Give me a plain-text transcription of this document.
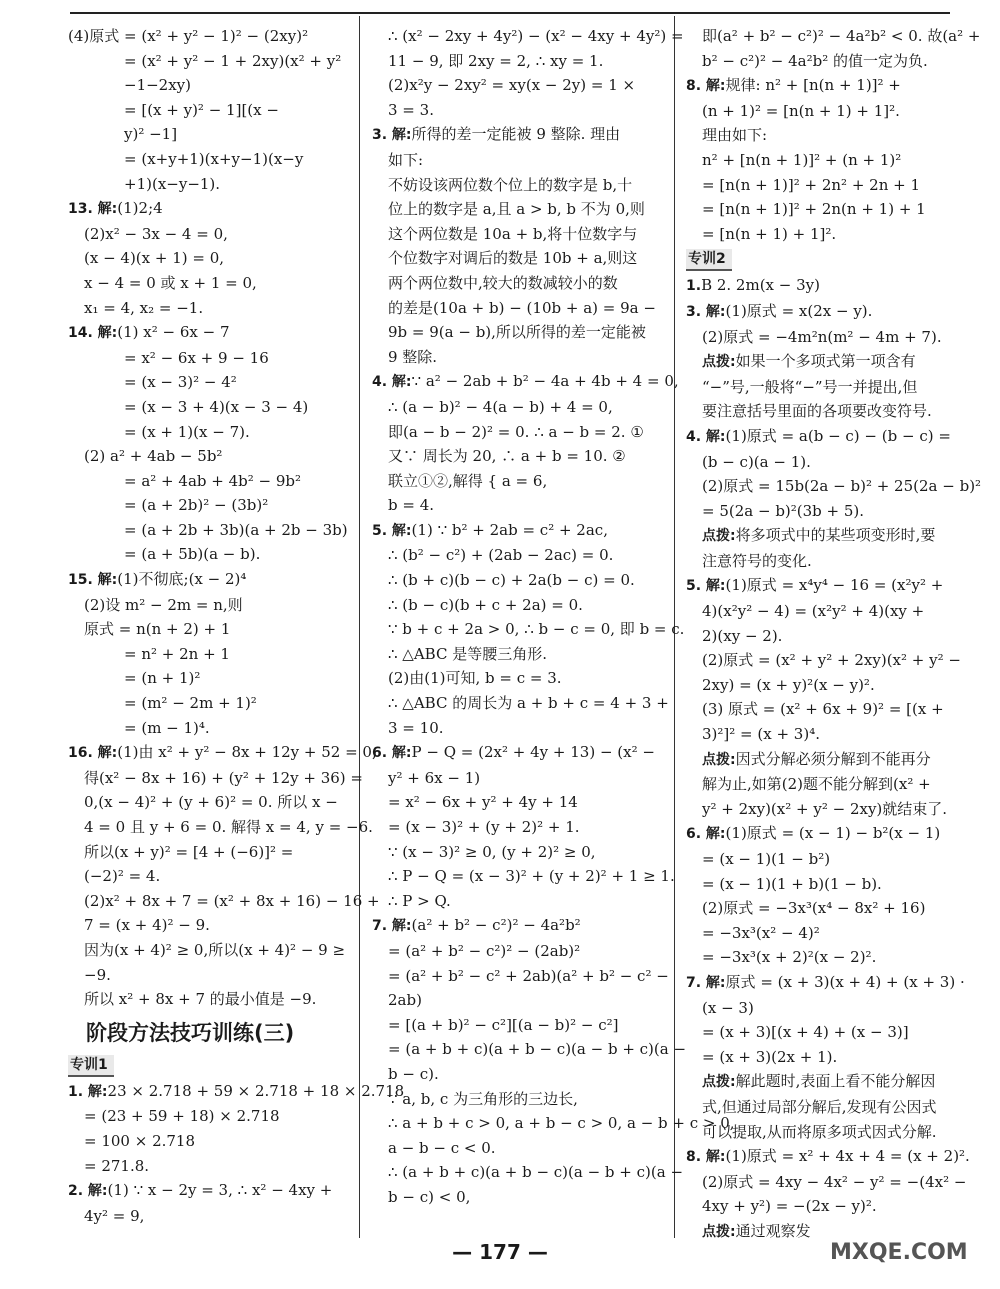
(4)原式 = (x² + y² − 1)² − (2xy)²
= (x² + y² − 1 + 2xy)(x² + y²
−1−2xy)
= [(x + y)² − 1][(x −
y)² −1]
= (x+y+1)(x+y−1)(x−y
+1)(x−y−1).
13. 解:(1)2;4
(2)x² − 3x − 4 = 0,
(x − 4)(x + 1) = 0,
x − 4 = 0 或 x + 1 = 0,
x₁ = 4, x₂ = −1.
14. 解:(1) x² − 6x − 7
= x² − 6x + 9 − 16
= (x − 3)² − 4²
= (x − 3 + 4)(x − 3 − 4)
= (x + 1)(x − 7).
(2) a² + 4ab − 5b²
= a² + 4ab + 4b² − 9b²
= (a + 2b)² − (3b)²
= (a + 2b + 3b)(a + 2b − 3b)
= (a + 5b)(a − b).
15. 解:(1)不彻底;(x − 2)⁴
(2)设 m² − 2m = n,则
原式 = n(n + 2) + 1
= n² + 2n + 1
= (n + 1)²
= (m² − 2m + 1)²
= (m − 1)⁴.
16. 解:(1)由 x² + y² − 8x + 12y + 52 = 0,
得(x² − 8x + 16) + (y² + 12y + 36) =
0,(x − 4)² + (y + 6)² = 0. 所以 x −
4 = 0 且 y + 6 = 0. 解得 x = 4, y = −6.
所以(x + y)² = [4 + (−6)]² =
(−2)² = 4.
(2)x² + 8x + 7 = (x² + 8x + 16) − 16 +
7 = (x + 4)² − 9.
因为(x + 4)² ≥ 0,所以(x + 4)² − 9 ≥
−9.
所以 x² + 8x + 7 的最小值是 −9.
阶段方法技巧训练(三)
专训1
1. 解:23 × 2.718 + 59 × 2.718 + 18 × 2.718
= (23 + 59 + 18) × 2.718
= 100 × 2.718
= 271.8.
2. 解:(1) ∵ x − 2y = 3, ∴ x² − 4xy +
4y² = 9,
∴ (x² − 2xy + 4y²) − (x² − 4xy + 4y²) =
11 − 9, 即 2xy = 2, ∴ xy = 1.
(2)x²y − 2xy² = xy(x − 2y) = 1 ×
3 = 3.
3. 解:所得的差一定能被 9 整除. 理由
如下:
不妨设该两位数个位上的数字是 b,十
位上的数字是 a,且 a > b, b 不为 0,则
这个两位数是 10a + b,将十位数字与
个位数字对调后的数是 10b + a,则这
两个两位数中,较大的数减较小的数
的差是(10a + b) − (10b + a) = 9a −
9b = 9(a − b),所以所得的差一定能被
9 整除.
4. 解:∵ a² − 2ab + b² − 4a + 4b + 4 = 0,
∴ (a − b)² − 4(a − b) + 4 = 0,
即(a − b − 2)² = 0. ∴ a − b = 2. ①
又∵ 周长为 20, ∴ a + b = 10. ②
联立①②,解得 { a = 6,
b = 4.
5. 解:(1) ∵ b² + 2ab = c² + 2ac,
∴ (b² − c²) + (2ab − 2ac) = 0.
∴ (b + c)(b − c) + 2a(b − c) = 0.
∴ (b − c)(b + c + 2a) = 0.
∵ b + c + 2a > 0, ∴ b − c = 0, 即 b = c.
∴ △ABC 是等腰三角形.
(2)由(1)可知, b = c = 3.
∴ △ABC 的周长为 a + b + c = 4 + 3 +
3 = 10.
6. 解:P − Q = (2x² + 4y + 13) − (x² −
y² + 6x − 1)
= x² − 6x + y² + 4y + 14
= (x − 3)² + (y + 2)² + 1.
∵ (x − 3)² ≥ 0, (y + 2)² ≥ 0,
∴ P − Q = (x − 3)² + (y + 2)² + 1 ≥ 1.
∴ P > Q.
7. 解:(a² + b² − c²)² − 4a²b²
= (a² + b² − c²)² − (2ab)²
= (a² + b² − c² + 2ab)(a² + b² − c² −
2ab)
= [(a + b)² − c²][(a − b)² − c²]
= (a + b + c)(a + b − c)(a − b + c)(a −
b − c).
∵ a, b, c 为三角形的三边长,
∴ a + b + c > 0, a + b − c > 0, a − b + c > 0,
a − b − c < 0.
∴ (a + b + c)(a + b − c)(a − b + c)(a −
b − c) < 0,
即(a² + b² − c²)² − 4a²b² < 0. 故(a² +
b² − c²)² − 4a²b² 的值一定为负.
8. 解:规律: n² + [n(n + 1)]² +
(n + 1)² = [n(n + 1) + 1]².
理由如下:
n² + [n(n + 1)]² + (n + 1)²
= [n(n + 1)]² + 2n² + 2n + 1
= [n(n + 1)]² + 2n(n + 1) + 1
= [n(n + 1) + 1]².
专训2
1.B 2. 2m(x − 3y)
3. 解:(1)原式 = x(2x − y).
(2)原式 = −4m²n(m² − 4m + 7).
点拨:如果一个多项式第一项含有
“−”号,一般将“−”号一并提出,但
要注意括号里面的各项要改变符号.
4. 解:(1)原式 = a(b − c) − (b − c) =
(b − c)(a − 1).
(2)原式 = 15b(2a − b)² + 25(2a − b)²
= 5(2a − b)²(3b + 5).
点拨:将多项式中的某些项变形时,要
注意符号的变化.
5. 解:(1)原式 = x⁴y⁴ − 16 = (x²y² +
4)(x²y² − 4) = (x²y² + 4)(xy +
2)(xy − 2).
(2)原式 = (x² + y² + 2xy)(x² + y² −
2xy) = (x + y)²(x − y)².
(3) 原式 = (x² + 6x + 9)² = [(x +
3)²]² = (x + 3)⁴.
点拨:因式分解必须分解到不能再分
解为止,如第(2)题不能分解到(x² +
y² + 2xy)(x² + y² − 2xy)就结束了.
6. 解:(1)原式 = (x − 1) − b²(x − 1)
= (x − 1)(1 − b²)
= (x − 1)(1 + b)(1 − b).
(2)原式 = −3x³(x⁴ − 8x² + 16)
= −3x³(x² − 4)²
= −3x³(x + 2)²(x − 2)².
7. 解:原式 = (x + 3)(x + 4) + (x + 3) ·
(x − 3)
= (x + 3)[(x + 4) + (x − 3)]
= (x + 3)(2x + 1).
点拨:解此题时,表面上看不能分解因
式,但通过局部分解后,发现有公因式
可以提取,从而将原多项式因式分解.
8. 解:(1)原式 = x² + 4x + 4 = (x + 2)².
(2)原式 = 4xy − 4x² − y² = −(4x² −
4xy + y²) = −(2x − y)².
点拨:通过观察发
— 177 —	MXQE.COM
